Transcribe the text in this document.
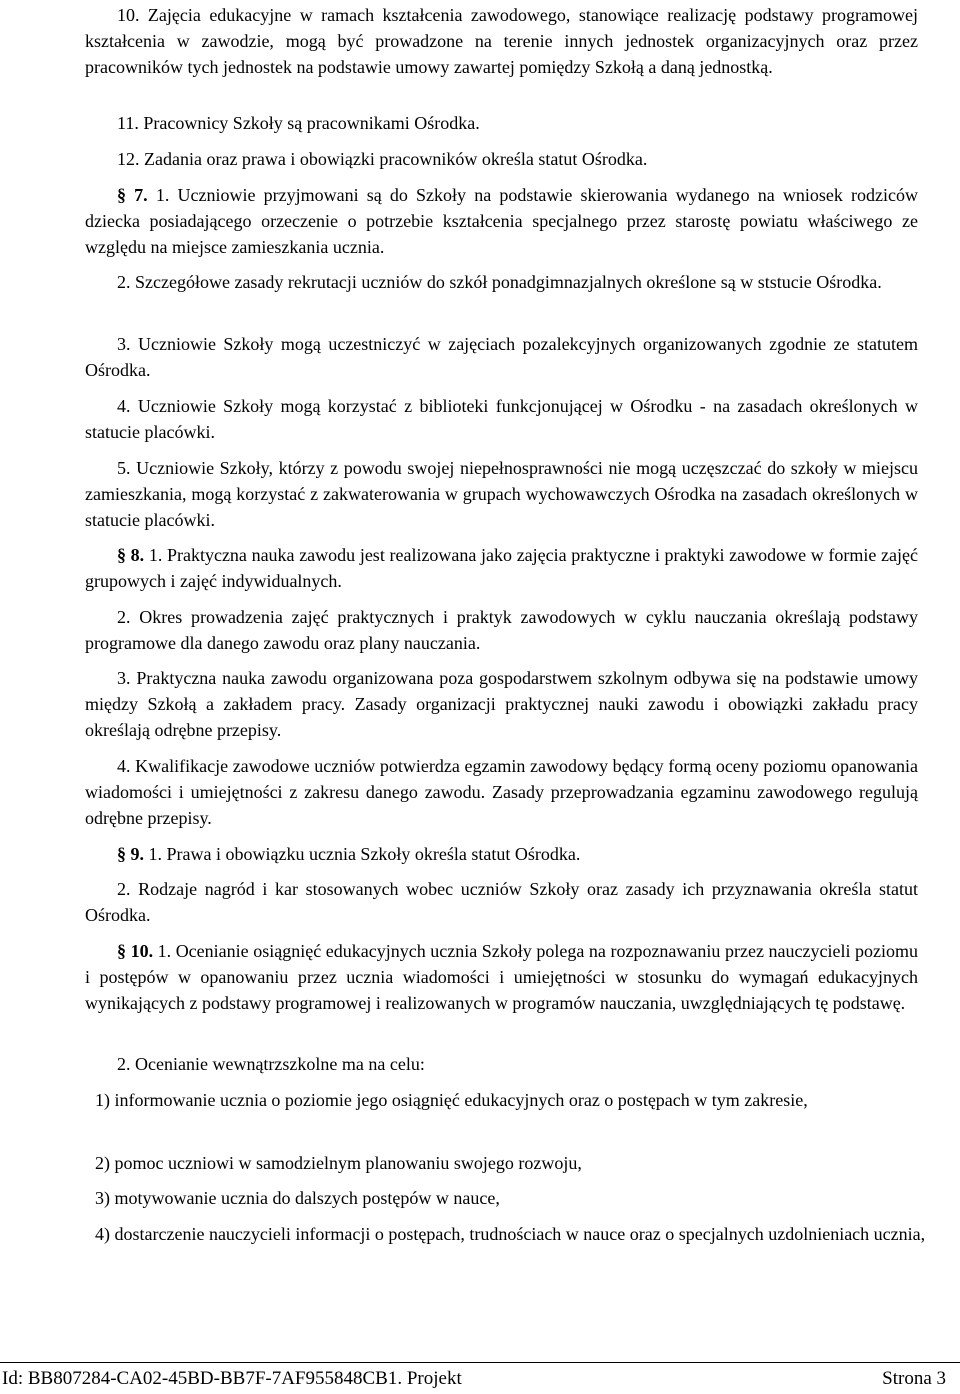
10. Zajęcia edukacyjne w ramach kształcenia zawodowego, stanowiące realizację podstawy programowej kształcenia w zawodzie, mogą być prowadzone na terenie innych jednostek organizacyjnych oraz przez pracowników tych jednostek na podstawie umowy zawartej pomiędzy Szkołą a daną jednostką.

11. Pracownicy Szkoły są pracownikami Ośrodka.

12. Zadania oraz prawa i obowiązki pracowników określa statut Ośrodka.

§ 7. 1. Uczniowie przyjmowani są do Szkoły na podstawie skierowania wydanego na wniosek rodziców dziecka posiadającego orzeczenie o potrzebie kształcenia specjalnego przez starostę powiatu właściwego ze względu na miejsce zamieszkania ucznia.

2. Szczegółowe zasady rekrutacji uczniów do szkół ponadgimnazjalnych określone są w ststucie Ośrodka.

3. Uczniowie Szkoły mogą uczestniczyć w zajęciach pozalekcyjnych organizowanych zgodnie ze statutem Ośrodka.

4. Uczniowie Szkoły mogą korzystać z biblioteki funkcjonującej w Ośrodku - na zasadach określonych w statucie placówki.

5. Uczniowie Szkoły, którzy z powodu swojej niepełnosprawności nie mogą uczęszczać do szkoły w miejscu zamieszkania, mogą korzystać z zakwaterowania w grupach wychowawczych Ośrodka na zasadach określonych w statucie placówki.

§ 8. 1. Praktyczna nauka zawodu jest realizowana jako zajęcia praktyczne i praktyki zawodowe w formie zajęć grupowych i zajęć indywidualnych.

2. Okres prowadzenia zajęć praktycznych i praktyk zawodowych w cyklu nauczania określają podstawy programowe dla danego zawodu oraz plany nauczania.

3. Praktyczna nauka zawodu organizowana poza gospodarstwem szkolnym odbywa się na podstawie umowy między Szkołą a zakładem pracy. Zasady organizacji praktycznej nauki zawodu i obowiązki zakładu pracy określają odrębne przepisy.

4. Kwalifikacje zawodowe uczniów potwierdza egzamin zawodowy będący formą oceny poziomu opanowania wiadomości i umiejętności z zakresu danego zawodu. Zasady przeprowadzania egzaminu zawodowego regulują odrębne przepisy.

§ 9. 1. Prawa i obowiązku ucznia Szkoły określa statut Ośrodka.

2. Rodzaje nagród i kar stosowanych wobec uczniów Szkoły oraz zasady ich przyznawania określa statut Ośrodka.

§ 10. 1. Ocenianie osiągnięć edukacyjnych ucznia Szkoły polega na rozpoznawaniu przez nauczycieli poziomu i postępów w opanowaniu przez ucznia wiadomości i umiejętności w stosunku do wymagań edukacyjnych wynikających z podstawy programowej i realizowanych w programów nauczania, uwzględniających tę podstawę.

2. Ocenianie wewnątrzszkolne ma na celu:

1) informowanie ucznia o poziomie jego osiągnięć edukacyjnych oraz o postępach w tym zakresie,

2) pomoc uczniowi w samodzielnym planowaniu swojego rozwoju,

3) motywowanie ucznia do dalszych postępów w nauce,

4) dostarczenie nauczycieli informacji o postępach, trudnościach w nauce oraz o specjalnych uzdolnieniach ucznia,

Id: BB807284-CA02-45BD-BB7F-7AF955848CB1. Projekt	Strona 3
